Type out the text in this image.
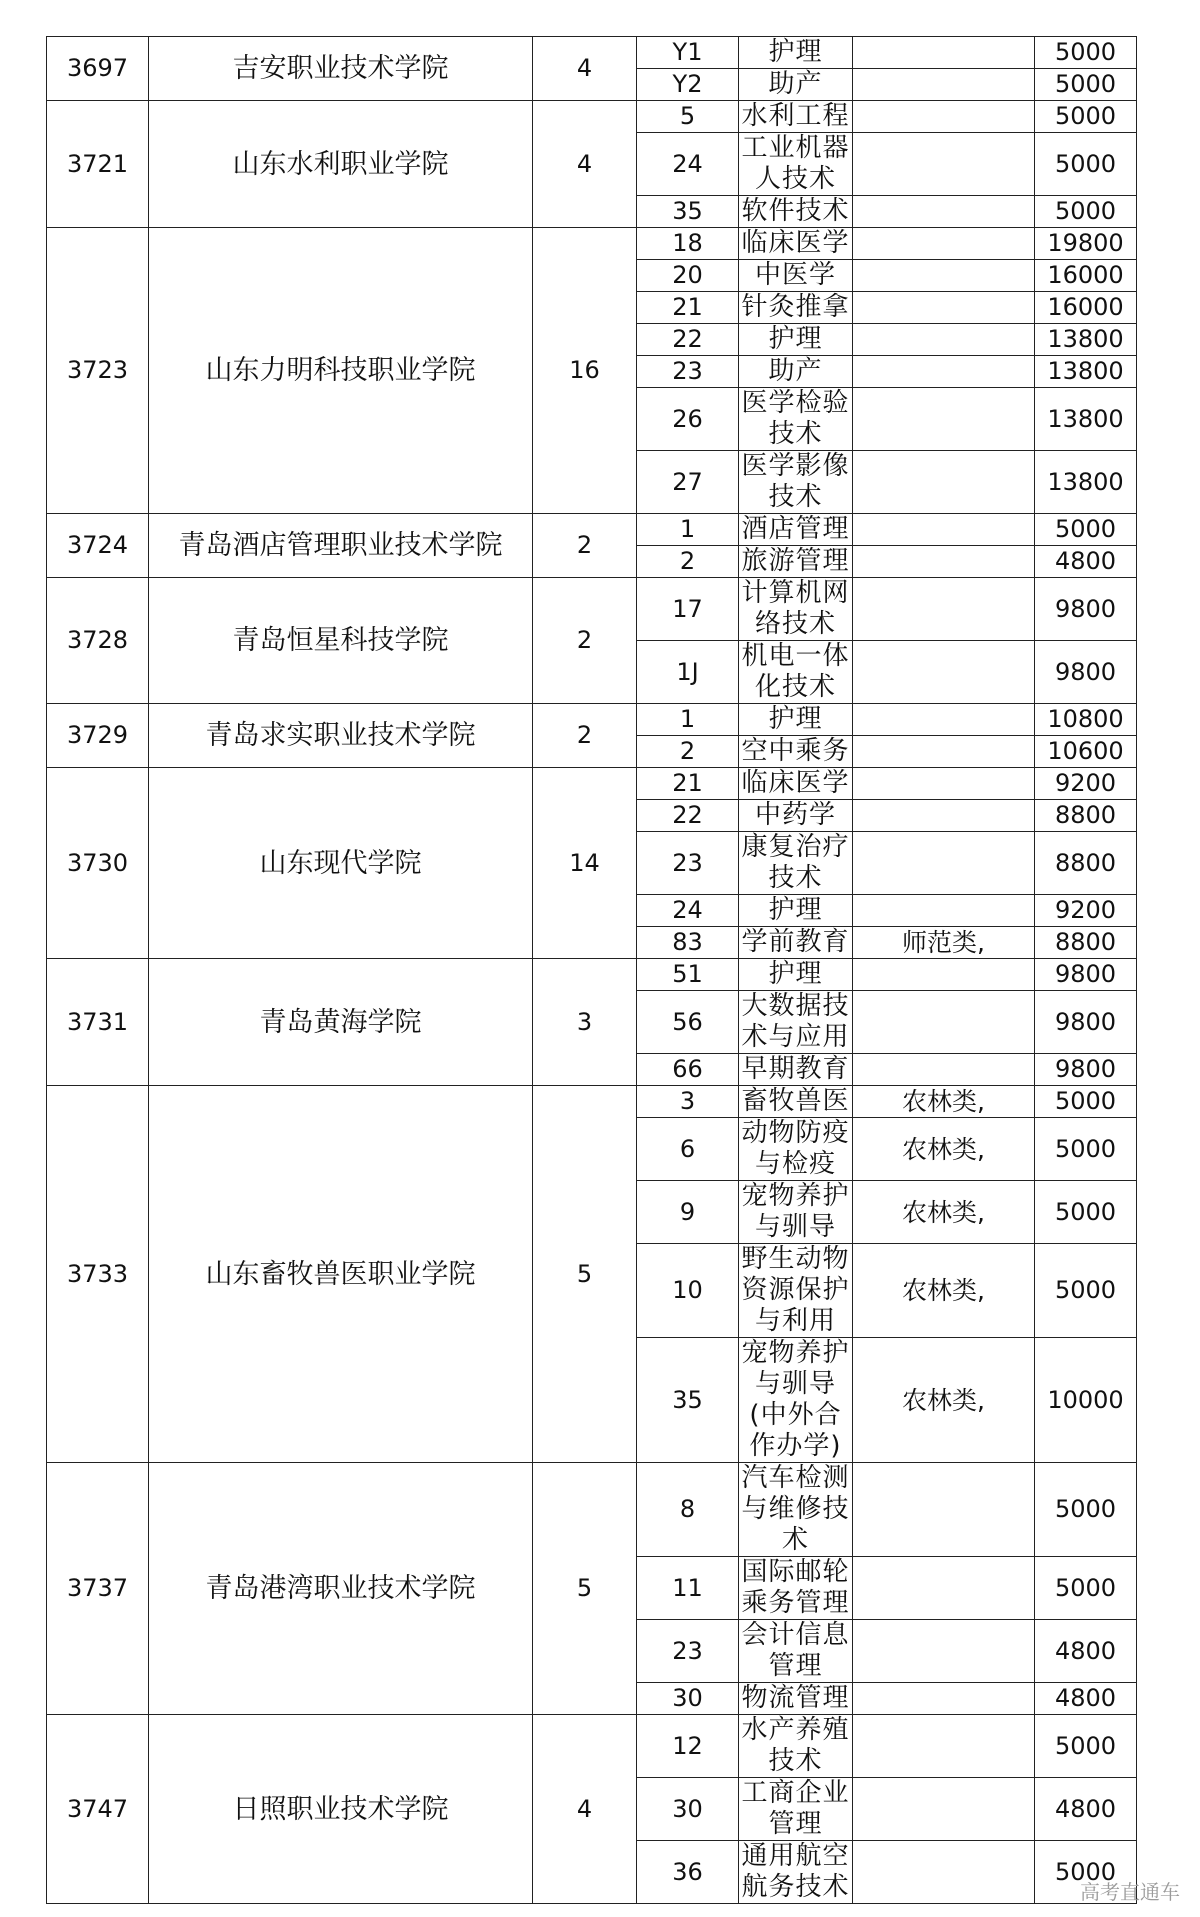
3697	吉安职业技术学院	4	Y1	护理		5000
			Y2	助产		5000
3721	山东水利职业学院	4	5	水利工程		5000
			24	工业机器人技术		5000
			35	软件技术		5000
3723	山东力明科技职业学院	16	18	临床医学		19800
			20	中医学		16000
			21	针灸推拿		16000
			22	护理		13800
			23	助产		13800
			26	医学检验技术		13800
			27	医学影像技术		13800
3724	青岛酒店管理职业技术学院	2	1	酒店管理		5000
			2	旅游管理		4800
3728	青岛恒星科技学院	2	17	计算机网络技术		9800
			1J	机电一体化技术		9800
3729	青岛求实职业技术学院	2	1	护理		10800
			2	空中乘务		10600
3730	山东现代学院	14	21	临床医学		9200
			22	中药学		8800
			23	康复治疗技术		8800
			24	护理		9200
			83	学前教育	师范类,	8800
3731	青岛黄海学院	3	51	护理		9800
			56	大数据技术与应用		9800
			66	早期教育		9800
3733	山东畜牧兽医职业学院	5	3	畜牧兽医	农林类,	5000
			6	动物防疫与检疫	农林类,	5000
			9	宠物养护与驯导	农林类,	5000
			10	野生动物资源保护与利用	农林类,	5000
			35	宠物养护与驯导(中外合作办学)	农林类,	10000
3737	青岛港湾职业技术学院	5	8	汽车检测与维修技术		5000
			11	国际邮轮乘务管理		5000
			23	会计信息管理		4800
			30	物流管理		4800
3747	日照职业技术学院	4	12	水产养殖技术		5000
			30	工商企业管理		4800
			36	通用航空航务技术		5000
高考直通车
